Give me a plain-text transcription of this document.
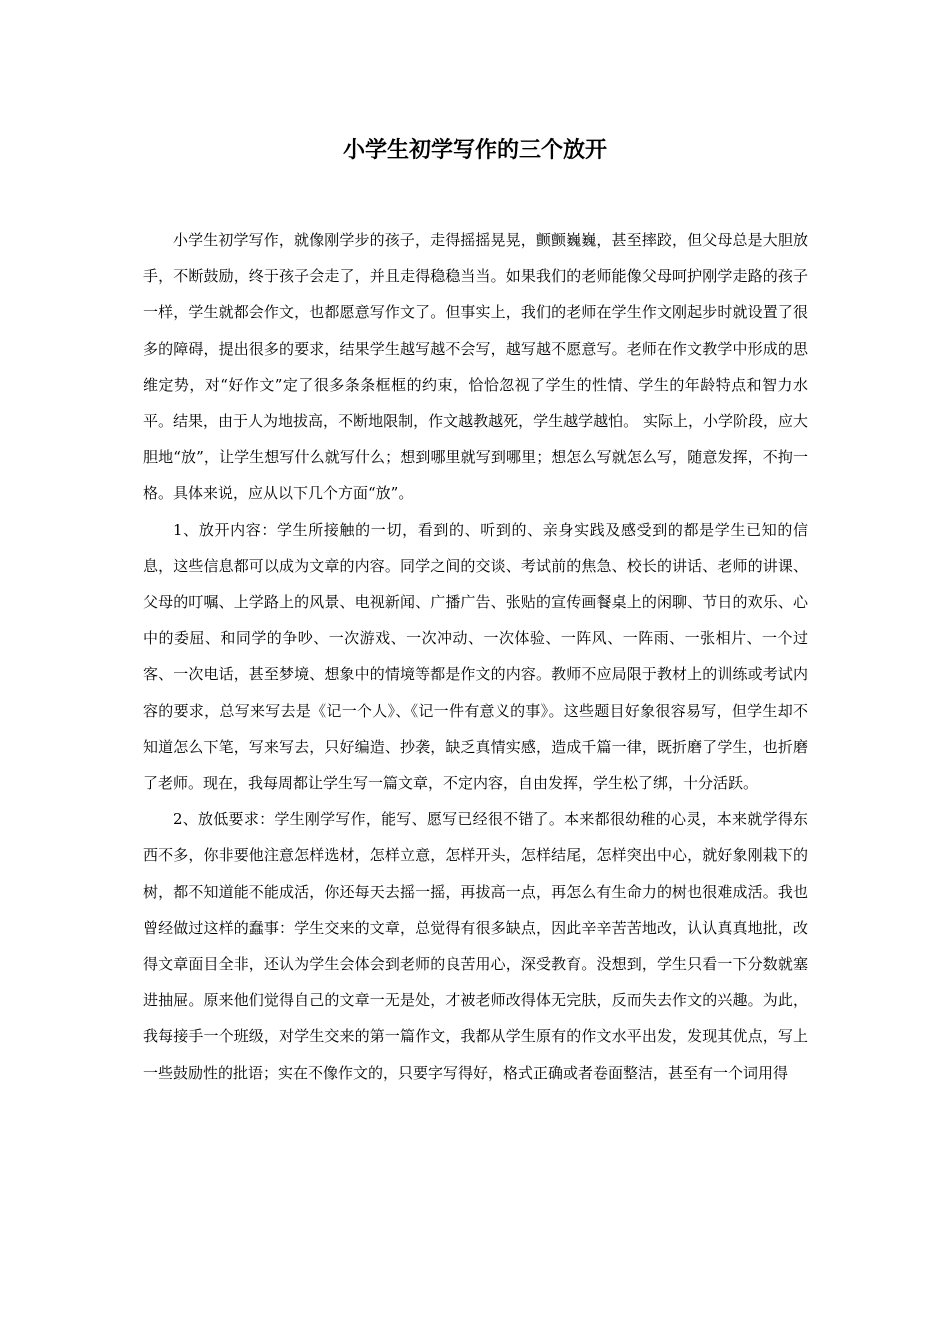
小学生初学写作的三个放开

小学生初学写作，就像刚学步的孩子，走得摇摇晃晃，颤颤巍巍，甚至摔跤，但父母总是大胆放手，不断鼓励，终于孩子会走了，并且走得稳稳当当。如果我们的老师能像父母呵护刚学走路的孩子一样，学生就都会作文，也都愿意写作文了。但事实上，我们的老师在学生作文刚起步时就设置了很多的障碍，提出很多的要求，结果学生越写越不会写，越写越不愿意写。老师在作文教学中形成的思维定势，对“好作文”定了很多条条框框的约束，恰恰忽视了学生的性情、学生的年龄特点和智力水平。结果，由于人为地拔高，不断地限制，作文越教越死，学生越学越怕。 实际上，小学阶段，应大胆地“放”，让学生想写什么就写什么；想到哪里就写到哪里；想怎么写就怎么写，随意发挥，不拘一格。具体来说，应从以下几个方面“放”。

1、放开内容：学生所接触的一切，看到的、听到的、亲身实践及感受到的都是学生已知的信息，这些信息都可以成为文章的内容。同学之间的交谈、考试前的焦急、校长的讲话、老师的讲课、父母的叮嘱、上学路上的风景、电视新闻、广播广告、张贴的宣传画餐桌上的闲聊、节日的欢乐、心中的委屈、和同学的争吵、一次游戏、一次冲动、一次体验、一阵风、一阵雨、一张相片、一个过客、一次电话，甚至梦境、想象中的情境等都是作文的内容。教师不应局限于教材上的训练或考试内容的要求，总写来写去是《记一个人》、《记一件有意义的事》。这些题目好象很容易写，但学生却不知道怎么下笔，写来写去，只好编造、抄袭，缺乏真情实感，造成千篇一律，既折磨了学生，也折磨了老师。现在，我每周都让学生写一篇文章，不定内容，自由发挥，学生松了绑，十分活跃。

2、放低要求：学生刚学写作，能写、愿写已经很不错了。本来都很幼稚的心灵，本来就学得东西不多，你非要他注意怎样选材，怎样立意，怎样开头，怎样结尾，怎样突出中心，就好象刚栽下的树，都不知道能不能成活，你还每天去摇一摇，再拔高一点，再怎么有生命力的树也很难成活。我也曾经做过这样的蠢事：学生交来的文章，总觉得有很多缺点，因此辛辛苦苦地改，认认真真地批，改得文章面目全非，还认为学生会体会到老师的良苦用心，深受教育。没想到，学生只看一下分数就塞进抽屉。原来他们觉得自己的文章一无是处，才被老师改得体无完肤，反而失去作文的兴趣。为此，我每接手一个班级，对学生交来的第一篇作文，我都从学生原有的作文水平出发，发现其优点，写上一些鼓励性的批语；实在不像作文的，只要字写得好，格式正确或者卷面整洁，甚至有一个词用得
